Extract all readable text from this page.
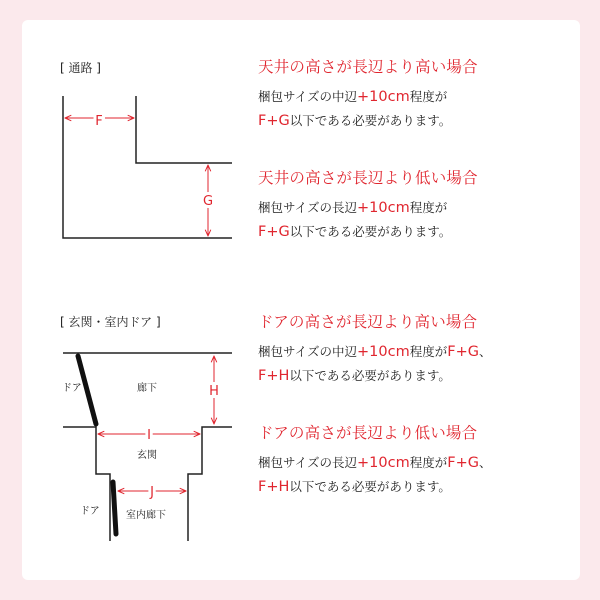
[ 通路 ]
F
G
[ 玄関・室内ドア ]
ドア	廊下
玄関
ドア	室内廊下
H
I
J
天井の高さが長辺より高い場合
梱包サイズの中辺+10cm程度が
F+G以下である必要があります。
天井の高さが長辺より低い場合
梱包サイズの長辺+10cm程度が
F+G以下である必要があります。
ドアの高さが長辺より高い場合
梱包サイズの中辺+10cm程度がF+G、
F+H以下である必要があります。
ドアの高さが長辺より低い場合
梱包サイズの長辺+10cm程度がF+G、
F+H以下である必要があります。
